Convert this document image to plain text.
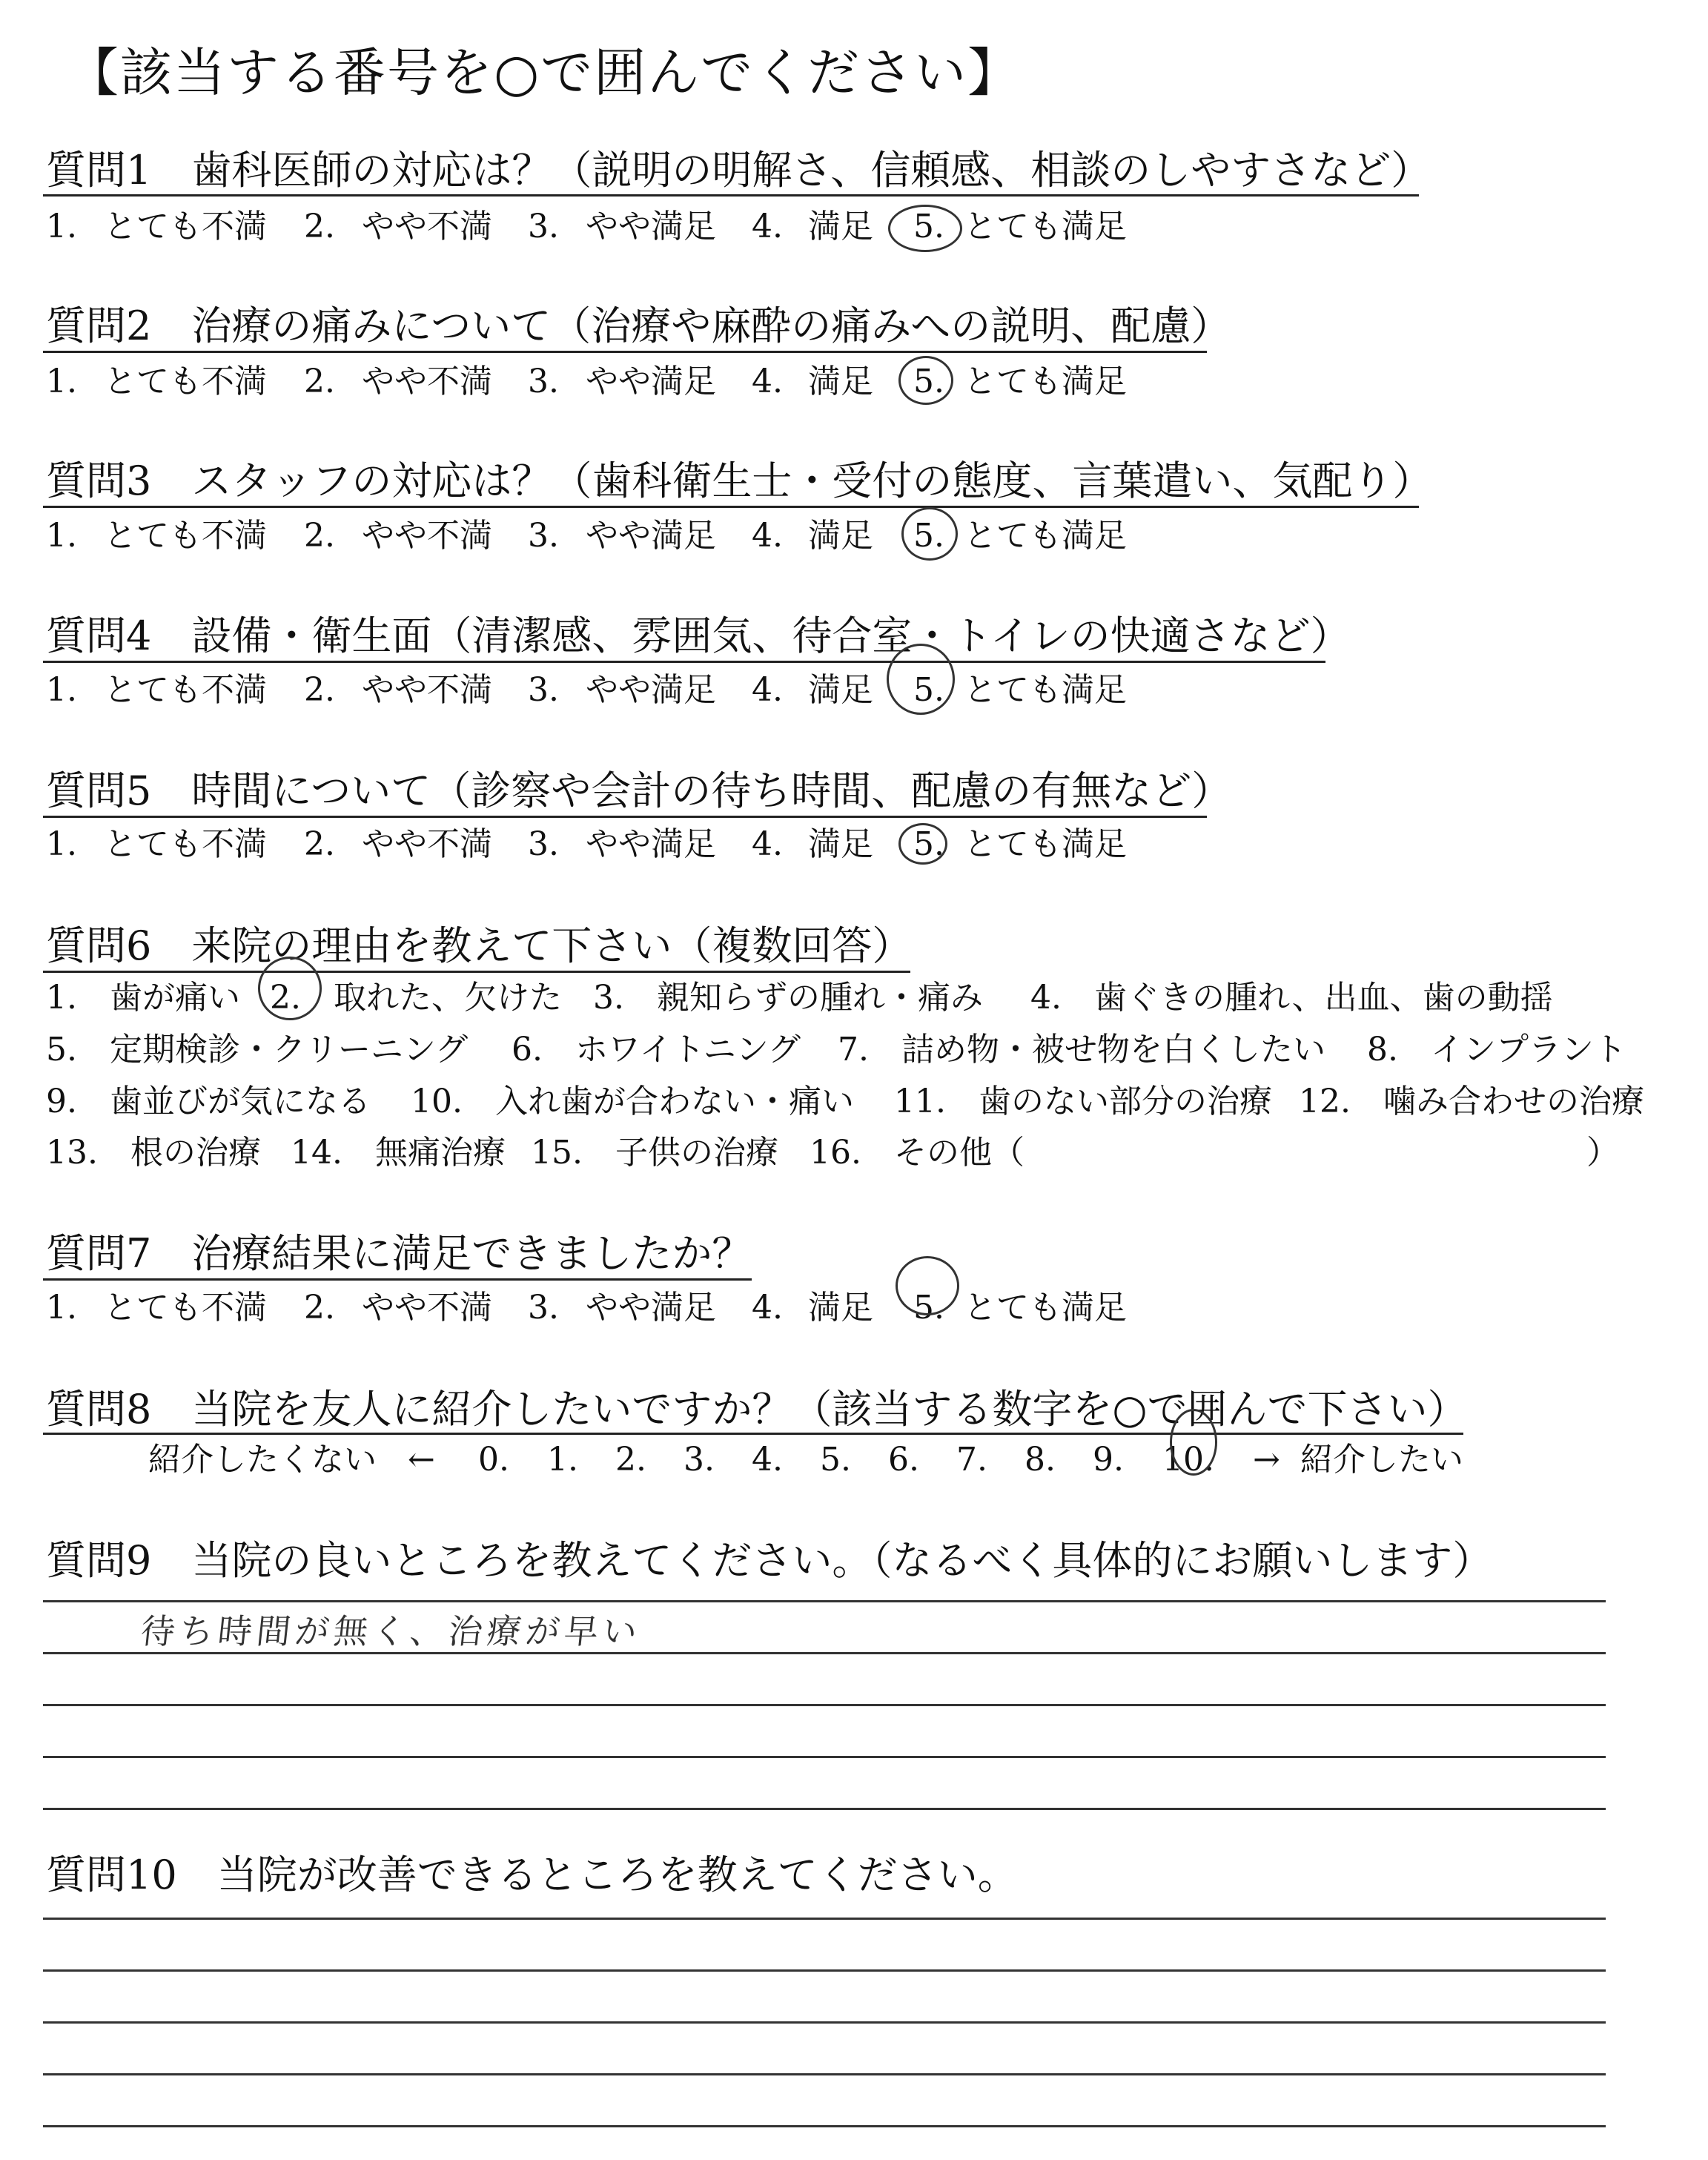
【該当する番号を○で囲んでください】
質問1　歯科医師の対応は？（説明の明解さ、信頼感、相談のしやすさなど）
1. とても不満 2. やや不満 3. やや満足 4. 満足 5. とても満足
質問2　治療の痛みについて（治療や麻酔の痛みへの説明、配慮）
1. とても不満 2. やや不満 3. やや満足 4. 満足 5. とても満足
質問3　スタッフの対応は？（歯科衛生士・受付の態度、言葉遣い、気配り）
1. とても不満 2. やや不満 3. やや満足 4. 満足 5. とても満足
質問4　設備・衛生面（清潔感、雰囲気、待合室・トイレの快適さなど）
1. とても不満 2. やや不満 3. やや満足 4. 満足 5. とても満足
質問5　時間について（診察や会計の待ち時間、配慮の有無など）
1. とても不満 2. やや不満 3. やや満足 4. 満足 5. とても満足
質問6　来院の理由を教えて下さい（複数回答）
1.　歯が痛い 2.　取れた、欠けた 3.　親知らずの腫れ・痛み 4.　歯ぐきの腫れ、出血、歯の動揺
5.　定期検診・クリーニング 6.　ホワイトニング 7.　詰め物・被せ物を白くしたい 8.　インプラント
9.　歯並びが気になる 10.　入れ歯が合わない・痛い 11.　歯のない部分の治療 12.　噛み合わせの治療
13.　根の治療 14.　無痛治療 15.　子供の治療 16.　その他（	）
質問7　治療結果に満足できましたか？
1. とても不満 2. やや不満 3. やや満足 4. 満足 5. とても満足
質問8　当院を友人に紹介したいですか？（該当する数字を○で囲んで下さい）
紹介したくない ← 0. 1. 2. 3. 4. 5. 6. 7. 8. 9. 10. → 紹介したい
質問9　当院の良いところを教えてください。（なるべく具体的にお願いします）
待ち時間が無く、治療が早い
質問10　当院が改善できるところを教えてください。
